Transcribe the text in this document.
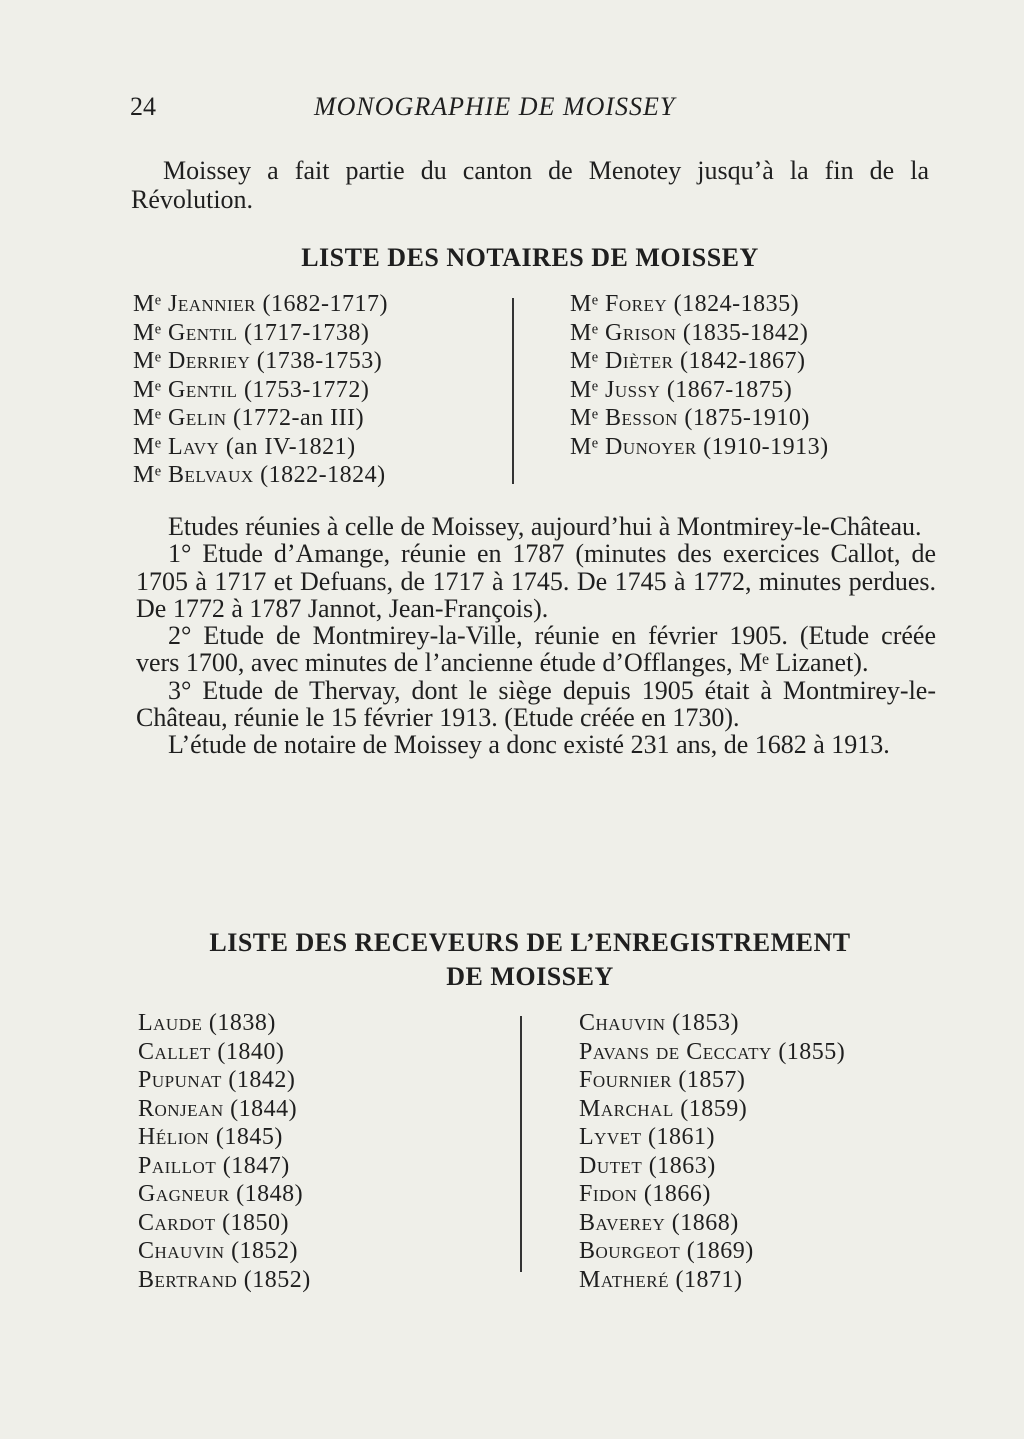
24	MONOGRAPHIE DE MOISSEY

Moissey a fait partie du canton de Menotey jusqu’à la fin de la Révolution.

LISTE DES NOTAIRES DE MOISSEY
Mᵉ Jeannier (1682-1717)
Mᵉ Gentil (1717-1738)
Mᵉ Derriey (1738-1753)
Mᵉ Gentil (1753-1772)
Mᵉ Gelin (1772-an III)
Mᵉ Lavy (an IV-1821)
Mᵉ Belvaux (1822-1824)
Mᵉ Forey (1824-1835)
Mᵉ Grison (1835-1842)
Mᵉ Dièter (1842-1867)
Mᵉ Jussy (1867-1875)
Mᵉ Besson (1875-1910)
Mᵉ Dunoyer (1910-1913)

Etudes réunies à celle de Moissey, aujourd’hui à Montmirey-le-Château.

1° Etude d’Amange, réunie en 1787 (minutes des exercices Callot, de 1705 à 1717 et Defuans, de 1717 à 1745. De 1745 à 1772, minutes perdues. De 1772 à 1787 Jannot, Jean-François).

2° Etude de Montmirey-la-Ville, réunie en février 1905. (Etude créée vers 1700, avec minutes de l’ancienne étude d’Offlanges, Mᵉ Lizanet).

3° Etude de Thervay, dont le siège depuis 1905 était à Montmirey-le-Château, réunie le 15 février 1913. (Etude créée en 1730).

L’étude de notaire de Moissey a donc existé 231 ans, de 1682 à 1913.

LISTE DES RECEVEURS DE L’ENREGISTREMENT
DE MOISSEY
Laude (1838)
Callet (1840)
Pupunat (1842)
Ronjean (1844)
Hélion (1845)
Paillot (1847)
Gagneur (1848)
Cardot (1850)
Chauvin (1852)
Bertrand (1852)
Chauvin (1853)
Pavans de Ceccaty (1855)
Fournier (1857)
Marchal (1859)
Lyvet (1861)
Dutet (1863)
Fidon (1866)
Baverey (1868)
Bourgeot (1869)
Matheré (1871)
